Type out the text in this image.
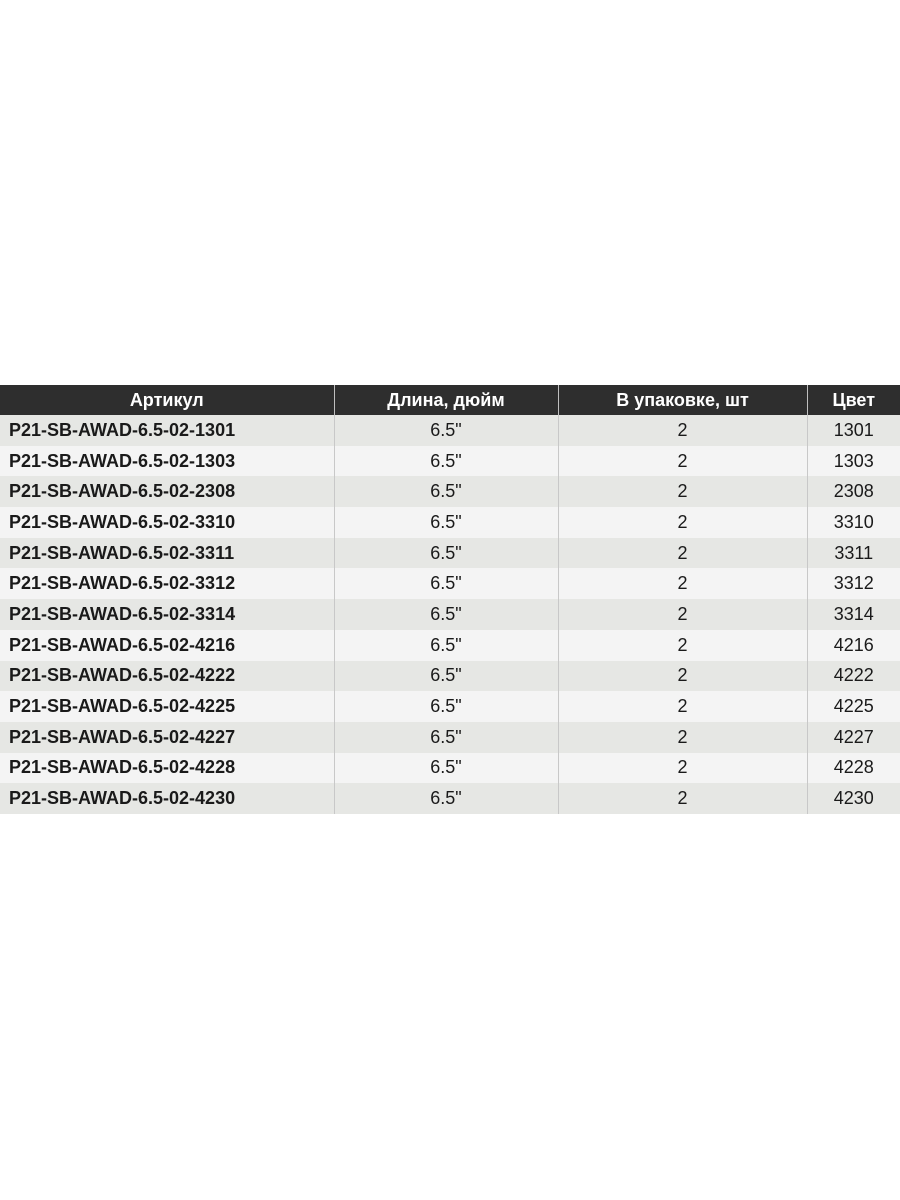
Артикул	Длина, дюйм	В упаковке, шт	Цвет
P21-SB-AWAD-6.5-02-1301	6.5"	2	1301
P21-SB-AWAD-6.5-02-1303	6.5"	2	1303
P21-SB-AWAD-6.5-02-2308	6.5"	2	2308
P21-SB-AWAD-6.5-02-3310	6.5"	2	3310
P21-SB-AWAD-6.5-02-3311	6.5"	2	3311
P21-SB-AWAD-6.5-02-3312	6.5"	2	3312
P21-SB-AWAD-6.5-02-3314	6.5"	2	3314
P21-SB-AWAD-6.5-02-4216	6.5"	2	4216
P21-SB-AWAD-6.5-02-4222	6.5"	2	4222
P21-SB-AWAD-6.5-02-4225	6.5"	2	4225
P21-SB-AWAD-6.5-02-4227	6.5"	2	4227
P21-SB-AWAD-6.5-02-4228	6.5"	2	4228
P21-SB-AWAD-6.5-02-4230	6.5"	2	4230
